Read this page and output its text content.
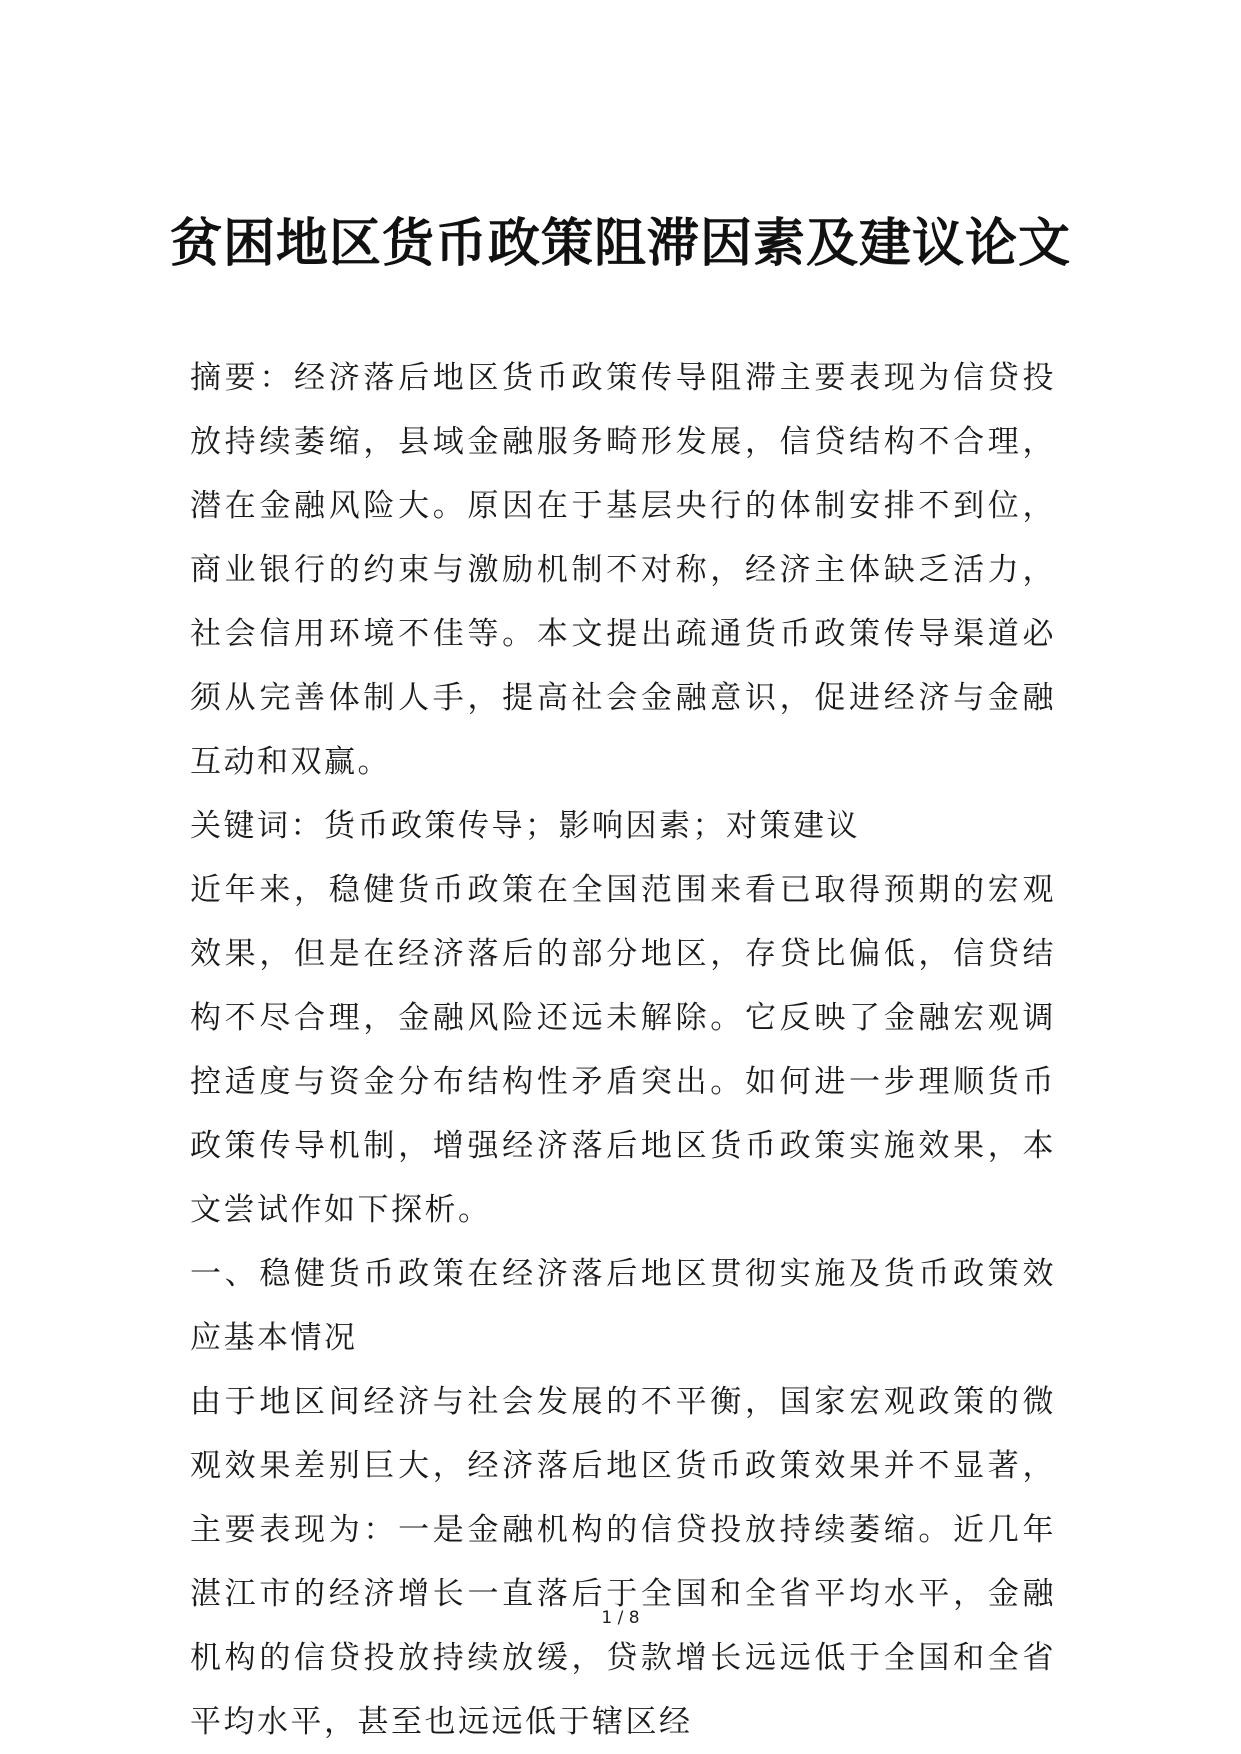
贫困地区货币政策阻滞因素及建议论文

摘要：经济落后地区货币政策传导阻滞主要表现为信贷投放持续萎缩，县域金融服务畸形发展，信贷结构不合理，潜在金融风险大。原因在于基层央行的体制安排不到位，商业银行的约束与激励机制不对称，经济主体缺乏活力，社会信用环境不佳等。本文提出疏通货币政策传导渠道必须从完善体制人手，提高社会金融意识，促进经济与金融互动和双赢。

关键词：货币政策传导；影响因素；对策建议

近年来，稳健货币政策在全国范围来看已取得预期的宏观效果，但是在经济落后的部分地区，存贷比偏低，信贷结构不尽合理，金融风险还远未解除。它反映了金融宏观调控适度与资金分布结构性矛盾突出。如何进一步理顺货币政策传导机制，增强经济落后地区货币政策实施效果，本文尝试作如下探析。

一、稳健货币政策在经济落后地区贯彻实施及货币政策效应基本情况

由于地区间经济与社会发展的不平衡，国家宏观政策的微观效果差别巨大，经济落后地区货币政策效果并不显著，主要表现为：一是金融机构的信贷投放持续萎缩。近几年湛江市的经济增长一直落后于全国和全省平均水平，金融机构的信贷投放持续放缓，贷款增长远远低于全国和全省平均水平，甚至也远远低于辖区经

1 / 8
